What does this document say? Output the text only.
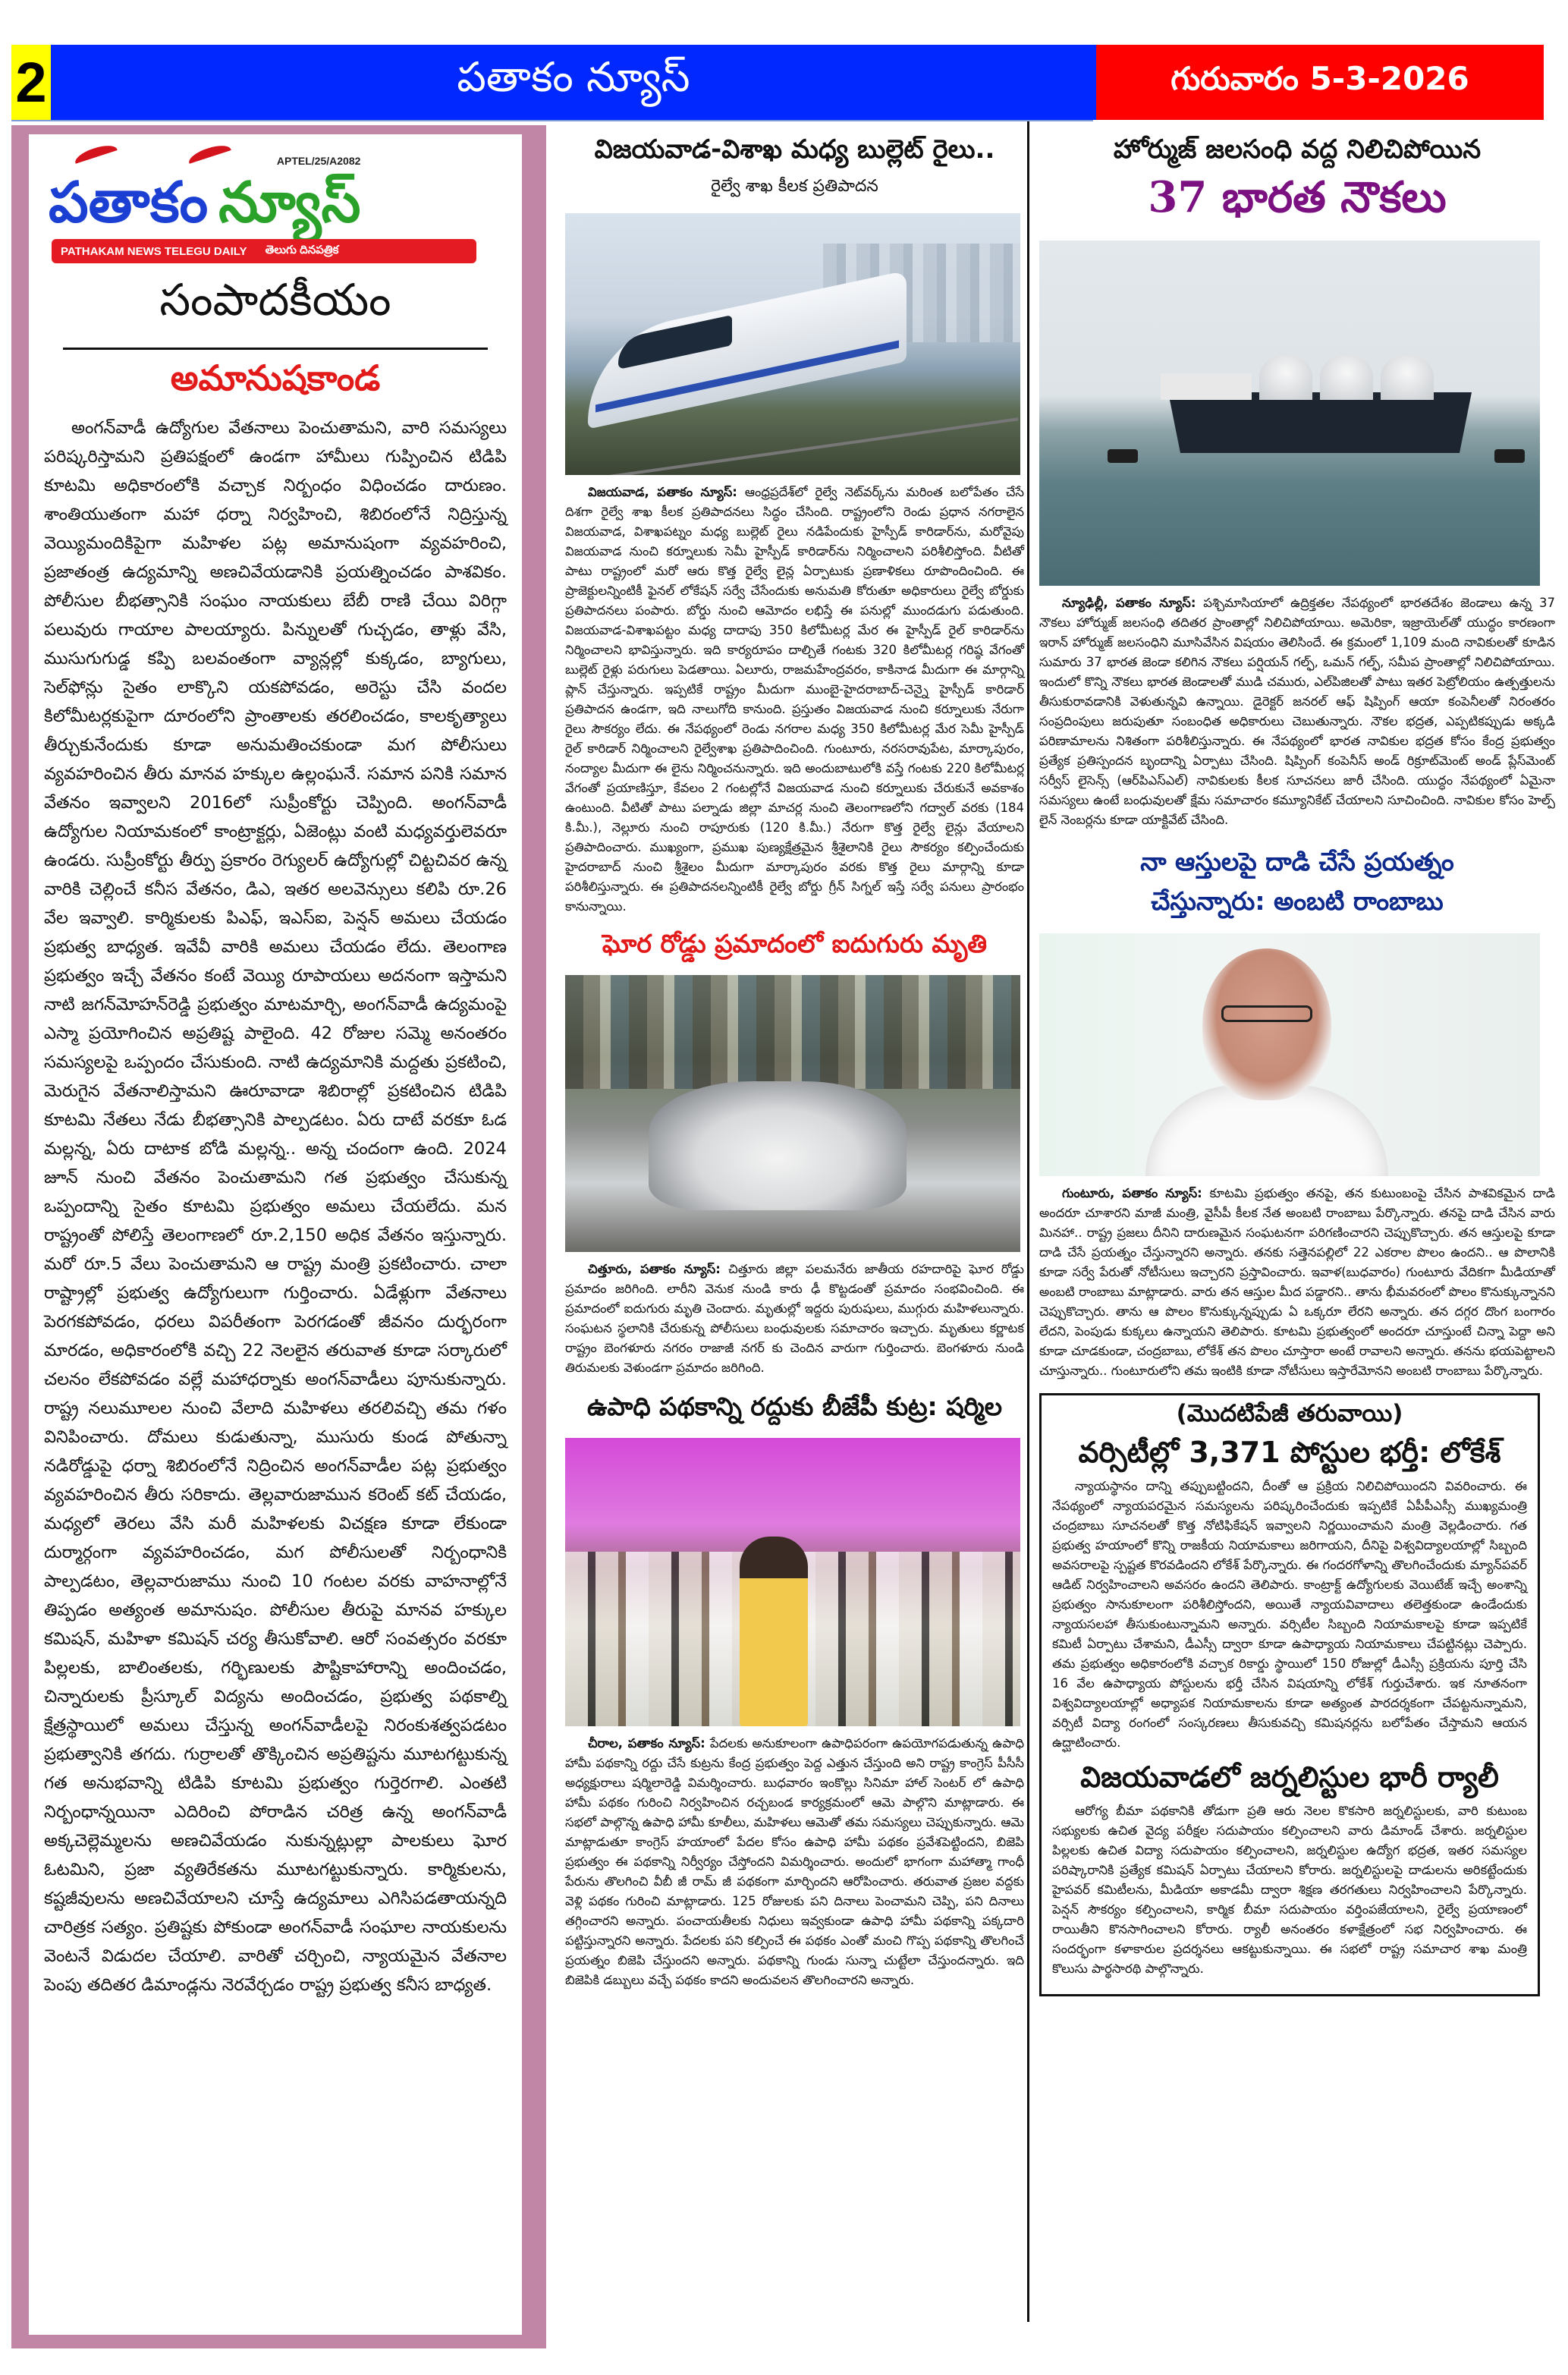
2	పతాకం న్యూస్	గురువారం 5-3-2026
పతాకం
APTEL/25/A2082
న్యూస్
PATHAKAM NEWS TELEGU DAILY తెలుగు దినపత్రిక
సంపాదకీయం
అమానుషకాండ

అంగన్‌వాడీ ఉద్యోగుల వేతనాలు పెంచుతామని, వారి సమస్యలు పరిష్కరిస్తామని ప్రతిపక్షంలో ఉండగా హామీలు గుప్పించిన టిడిపి కూటమి అధికారంలోకి వచ్చాక నిర్బంధం విధించడం దారుణం. శాంతియుతంగా మహా ధర్నా నిర్వహించి, శిబిరంలోనే నిద్రిస్తున్న వెయ్యిమందికిపైగా మహిళల పట్ల అమానుషంగా వ్యవహరించి, ప్రజాతంత్ర ఉద్యమాన్ని అణచివేయడానికి ప్రయత్నించడం పాశవికం. పోలీసుల బీభత్సానికి సంఘం నాయకులు బేబీ రాణి చేయి విరిగ్గా పలువురు గాయాల పాలయ్యారు. పిన్నులతో గుచ్చడం, తాళ్లు వేసి, ముసుగుగుడ్డ కప్పి బలవంతంగా వ్యాన్లల్లో కుక్కడం, బ్యాగులు, సెల్‌ఫోన్లు సైతం లాక్కొని యకపోవడం, అరెస్టు చేసి వందల కిలోమీటర్లకుపైగా దూరంలోని ప్రాంతాలకు తరలించడం, కాలకృత్యాలు తీర్చుకునేందుకు కూడా అనుమతించకుండా మగ పోలీసులు వ్యవహరించిన తీరు మానవ హక్కుల ఉల్లంఘనే. సమాన పనికి సమాన వేతనం ఇవ్వాలని 2016లో సుప్రీంకోర్టు చెప్పింది. అంగన్‌వాడీ ఉద్యోగుల నియామకంలో కాంట్రాక్టర్లు, ఏజెంట్లు వంటి మధ్యవర్తులెవరూ ఉండరు. సుప్రీంకోర్టు తీర్పు ప్రకారం రెగ్యులర్ ఉద్యోగుల్లో చిట్టచివర ఉన్న వారికి చెల్లించే కనీస వేతనం, డిఎ, ఇతర అలవెన్సులు కలిపి రూ.26 వేల ఇవ్వాలి. కార్మికులకు పిఎఫ్, ఇఎస్ఐ, పెన్షన్ అమలు చేయడం ప్రభుత్వ బాధ్యత. ఇవేవీ వారికి అమలు చేయడం లేదు. తెలంగాణ ప్రభుత్వం ఇచ్చే వేతనం కంటే వెయ్యి రూపాయలు అదనంగా ఇస్తామని నాటి జగన్‌మోహన్‌రెడ్డి ప్రభుత్వం మాటమార్చి, అంగన్‌వాడీ ఉద్యమంపై ఎస్మా ప్రయోగించిన అప్రతిష్ట పాలైంది. 42 రోజుల సమ్మె అనంతరం సమస్యలపై ఒప్పందం చేసుకుంది. నాటి ఉద్యమానికి మద్దతు ప్రకటించి, మెరుగైన వేతనాలిస్తామని ఊరూవాడా శిబిరాల్లో ప్రకటించిన టిడిపి కూటమి నేతలు నేడు బీభత్సానికి పాల్పడటం. ఏరు దాటే వరకూ ఓడ మల్లన్న, ఏరు దాటాక బోడి మల్లన్న.. అన్న చందంగా ఉంది. 2024 జూన్ నుంచి వేతనం పెంచుతామని గత ప్రభుత్వం చేసుకున్న ఒప్పందాన్ని సైతం కూటమి ప్రభుత్వం అమలు చేయలేదు. మన రాష్ట్రంతో పోలిస్తే తెలంగాణలో రూ.2,150 అధిక వేతనం ఇస్తున్నారు. మరో రూ.5 వేలు పెంచుతామని ఆ రాష్ట్ర మంత్రి ప్రకటించారు. చాలా రాష్ట్రాల్లో ప్రభుత్వ ఉద్యోగులుగా గుర్తించారు. ఏడేళ్లుగా వేతనాలు పెరగకపోవడం, ధరలు విపరీతంగా పెరగడంతో జీవనం దుర్భరంగా మారడం, అధికారంలోకి వచ్చి 22 నెలలైన తరువాత కూడా సర్కారులో చలనం లేకపోవడం వల్లే మహాధర్నాకు అంగన్‌వాడీలు పూనుకున్నారు. రాష్ట్ర నలుమూలల నుంచి వేలాది మహిళలు తరలివచ్చి తమ గళం వినిపించారు. దోమలు కుడుతున్నా, ముసురు కుండ పోతున్నా నడిరోడ్డుపై ధర్నా శిబిరంలోనే నిద్రించిన అంగన్‌వాడీల పట్ల ప్రభుత్వం వ్యవహరించిన తీరు సరికాదు. తెల్లవారుజామున కరెంట్ కట్ చేయడం, మధ్యలో తెరలు వేసి మరీ మహిళలకు విచక్షణ కూడా లేకుండా దుర్మార్గంగా వ్యవహరించడం, మగ పోలీసులతో నిర్బంధానికి పాల్పడటం, తెల్లవారుజాము నుంచి 10 గంటల వరకు వాహనాల్లోనే తిప్పడం అత్యంత అమానుషం. పోలీసుల తీరుపై మానవ హక్కుల కమిషన్, మహిళా కమిషన్ చర్య తీసుకోవాలి. ఆరో సంవత్సరం వరకూ పిల్లలకు, బాలింతలకు, గర్భిణులకు పౌష్టికాహారాన్ని అందించడం, చిన్నారులకు ప్రీస్కూల్ విద్యను అందించడం, ప్రభుత్వ పథకాల్ని క్షేత్రస్థాయిలో అమలు చేస్తున్న అంగన్‌వాడీలపై నిరంకుశత్వపడటం ప్రభుత్వానికి తగదు. గుర్రాలతో తొక్కించిన అప్రతిష్టను మూటగట్టుకున్న గత అనుభవాన్ని టిడిపి కూటమి ప్రభుత్వం గుర్తెరగాలి. ఎంతటి నిర్బంధాన్నయినా ఎదిరించి పోరాడిన చరిత్ర ఉన్న అంగన్‌వాడీ అక్కచెల్లెమ్మలను అణచివేయడం నుకున్నట్లుల్లా పాలకులు ఘోర ఓటమిని, ప్రజా వ్యతిరేకతను మూటగట్టుకున్నారు. కార్మికులను, కష్టజీవులను అణచివేయాలని చూస్తే ఉద్యమాలు ఎగిసిపడతాయన్నది చారిత్రక సత్యం. ప్రతిష్టకు పోకుండా అంగన్‌వాడీ సంఘాల నాయకులను వెంటనే విడుదల చేయాలి. వారితో చర్చించి, న్యాయమైన వేతనాల పెంపు తదితర డిమాండ్లను నెరవేర్చడం రాష్ట్ర ప్రభుత్వ కనీస బాధ్యత.

విజయవాడ-విశాఖ మధ్య బుల్లెట్ రైలు..
రైల్వే శాఖ కీలక ప్రతిపాదన

విజయవాడ, పతాకం న్యూస్: ఆంధ్రప్రదేశ్‌లో రైల్వే నెట్‌వర్క్‌ను మరింత బలోపేతం చేసే దిశగా రైల్వే శాఖ కీలక ప్రతిపాదనలు సిద్ధం చేసింది. రాష్ట్రంలోని రెండు ప్రధాన నగరాలైన విజయవాడ, విశాఖపట్నం మధ్య బుల్లెట్ రైలు నడిపేందుకు హైస్పీడ్ కారిడార్‌ను, మరోవైపు విజయవాడ నుంచి కర్నూలుకు సెమీ హైస్పీడ్ కారిడార్‌ను నిర్మించాలని పరిశీలిస్తోంది. వీటితో పాటు రాష్ట్రంలో మరో ఆరు కొత్త రైల్వే లైన్ల ఏర్పాటుకు ప్రణాళికలు రూపొందించింది. ఈ ప్రాజెక్టులన్నింటికీ ఫైనల్ లోకేషన్ సర్వే చేసేందుకు అనుమతి కోరుతూ అధికారులు రైల్వే బోర్డుకు ప్రతిపాదనలు పంపారు. బోర్డు నుంచి ఆమోదం లభిస్తే ఈ పనుల్లో ముందడుగు పడుతుంది. విజయవాడ-విశాఖపట్టం మధ్య దాదాపు 350 కిలోమీటర్ల మేర ఈ హైస్పీడ్ రైల్ కారిడార్‌ను నిర్మించాలని భావిస్తున్నారు. ఇది కార్యరూపం దాల్చితే గంటకు 320 కిలోమీటర్ల గరిష్ఠ వేగంతో బుల్లెట్ రైళ్లు పరుగులు పెడతాయి. ఏలూరు, రాజమహేంద్రవరం, కాకినాడ మీదుగా ఈ మార్గాన్ని ప్లాన్ చేస్తున్నారు. ఇప్పటికే రాష్ట్రం మీదుగా ముంబై-హైదరాబాద్-చెన్నై హైస్పీడ్ కారిడార్‌ ప్రతిపాదన ఉండగా, ఇది నాలుగోది కానుంది. ప్రస్తుతం విజయవాడ నుంచి కర్నూలుకు నేరుగా రైలు సౌకర్యం లేదు. ఈ నేపథ్యంలో రెండు నగరాల మధ్య 350 కిలోమీటర్ల మేర సెమీ హైస్పీడ్ రైల్ కారిడార్ నిర్మించాలని రైల్వేశాఖ ప్రతిపాదించింది. గుంటూరు, నరసరావుపేట, మార్కాపురం, నంద్యాల మీదుగా ఈ లైను నిర్మించనున్నారు. ఇది అందుబాటులోకి వస్తే గంటకు 220 కిలోమీటర్ల వేగంతో ప్రయాణిస్తూ, కేవలం 2 గంటల్లోనే విజయవాడ నుంచి కర్నూలుకు చేరుకునే అవకాశం ఉంటుంది. వీటితో పాటు పల్నాడు జిల్లా మాచర్ల నుంచి తెలంగాణలోని గద్వాల్ వరకు (184 కి.మీ.), నెల్లూరు నుంచి రాపూరుకు (120 కి.మీ.) నేరుగా కొత్త రైల్వే లైన్లు వేయాలని ప్రతిపాదించారు. ముఖ్యంగా, ప్రముఖ పుణ్యక్షేత్రమైన శ్రీశైలానికి రైలు సౌకర్యం కల్పించేందుకు హైదరాబాద్ నుంచి శ్రీశైలం మీదుగా మార్కాపురం వరకు కొత్త రైలు మార్గాన్ని కూడా పరిశీలిస్తున్నారు. ఈ ప్రతిపాదనలన్నింటికీ రైల్వే బోర్డు గ్రీన్ సిగ్నల్ ఇస్తే సర్వే పనులు ప్రారంభం కానున్నాయి.

ఘోర రోడ్డు ప్రమాదంలో ఐదుగురు మృతి

చిత్తూరు, పతాకం న్యూస్: చిత్తూరు జిల్లా పలమనేరు జాతీయ రహదారిపై ఘోర రోడ్డు ప్రమాదం జరిగింది. లారీని వెనుక నుండి కారు ఢీ కొట్టడంతో ప్రమాదం సంభవించింది. ఈ ప్రమాదంలో ఐదుగురు మృతి చెందారు. మృతుల్లో ఇద్దరు పురుషులు, ముగ్గురు మహిళలున్నారు. సంఘటన స్థలానికి చేరుకున్న పోలీసులు బంధువులకు సమాచారం ఇచ్చారు. మృతులు కర్ణాటక రాష్ట్రం బెంగళూరు నగరం రాజాజీ నగర్ కు చెందిన వారుగా గుర్తించారు. బెంగళూరు నుండి తిరుమలకు వెళుండగా ప్రమాదం జరిగింది.

ఉపాధి పథకాన్ని రద్దుకు బీజేపీ కుట్ర: షర్మిల

చీరాల, పతాకం న్యూస్: పేదలకు అనుకూలంగా ఉపాధిపరంగా ఉపయోగపడుతున్న ఉపాధి హామీ పథకాన్ని రద్దు చేసే కుట్రను కేంద్ర ప్రభుత్వం పెద్ద ఎత్తున చేస్తుంది అని రాష్ట్ర కాంగ్రెస్ పీసీసీ అధ్యక్షురాలు షర్మిలారెడ్డి విమర్శించారు. బుధవారం ఇంకొల్లు సినిమా హాల్ సెంటర్ లో ఉపాధి హామీ పథకం గురించి నిర్వహించిన రచ్చబండ కార్యక్రమంలో ఆమె పాల్గొని మాట్లాడారు. ఈ సభలో పాల్గొన్న ఉపాధి హామీ కూలీలు, మహిళలు ఆమెతో తమ సమస్యలు చెప్పుకున్నారు. ఆమె మాట్లాడుతూ కాంగ్రెస్ హయాంలో పేదల కోసం ఉపాధి హామీ పథకం ప్రవేశపెట్టిందని, బిజెపి ప్రభుత్వం ఈ పథకాన్ని నిర్వీర్యం చేస్తోందని విమర్శించారు. అందులో భాగంగా మహాత్మా గాంధీ పేరును తొలగించి వీబీ జీ రామ్ జీ పథకంగా మార్చిందని ఆరోపించారు. తరువాత ప్రజల వద్దకు వెళ్లి పథకం గురించి మాట్లాడారు. 125 రోజులకు పని దినాలు పెంచామని చెప్పి, పని దినాలు తగ్గించారని అన్నారు. పంచాయతీలకు నిధులు ఇవ్వకుండా ఉపాధి హామీ పథకాన్ని పక్కదారి పట్టిస్తున్నారని అన్నారు. పేదలకు పని కల్పించే ఈ పథకం ఎంతో మంచి గొప్ప పథకాన్ని తొలగించే ప్రయత్నం బిజెపి చేస్తుందని అన్నారు. పథకాన్ని గుండు సున్నా చుట్టేలా చేస్తుందన్నారు. ఇది బిజెపికి డబ్బులు వచ్చే పథకం కాదని అందువలన తొలగించారని అన్నారు.

హోర్ముజ్ జలసంధి వద్ద నిలిచిపోయిన
37 భారత నౌకలు

న్యూఢిల్లీ, పతాకం న్యూస్: పశ్చిమాసియాలో ఉద్రిక్తతల నేపథ్యంలో భారతదేశం జెండాలు ఉన్న 37 నౌకలు హోర్ముజ్ జలసంధి తదితర ప్రాంతాల్లో నిలిచిపోయాయి. అమెరికా, ఇజ్రాయెల్‌తో యుద్ధం కారణంగా ఇరాన్ హోర్ముజ్ జలసంధిని మూసివేసిన విషయం తెలిసిందే. ఈ క్రమంలో 1,109 మంది నావికులతో కూడిన సుమారు 37 భారత జెండా కలిగిన నౌకలు పర్షియన్ గల్ఫ్, ఒమన్ గల్ఫ్, సమీప ప్రాంతాల్లో నిలిచిపోయాయి. ఇందులో కొన్ని నౌకలు భారత జెండాలతో ముడి చమురు, ఎల్‌పిజిలతో పాటు ఇతర పెట్రోలియం ఉత్పత్తులను తీసుకురావడానికి వెళుతున్నవి ఉన్నాయి. డైరెక్టర్ జనరల్ ఆఫ్ షిప్పింగ్ ఆయా కంపెనీలతో నిరంతరం సంప్రదింపులు జరుపుతూ సంబంధిత అధికారులు చెబుతున్నారు. నౌకల భద్రత, ఎప్పటికప్పుడు అక్కడి పరిణామాలను నిశితంగా పరిశీలిస్తున్నారు. ఈ నేపథ్యంలో భారత నావికుల భద్రత కోసం కేంద్ర ప్రభుత్వం ప్రత్యేక ప్రతిస్పందన బృందాన్ని ఏర్పాటు చేసింది. షిప్పింగ్ కంపెనీస్ అండ్ రిక్రూట్‌మెంట్ అండ్ ప్లేస్‌మెంట్ సర్వీస్ లైసెన్స్ (ఆర్‌పిఎస్‌ఎల్) నావికులకు కీలక సూచనలు జారీ చేసింది. యుద్ధం నేపథ్యంలో ఏమైనా సమస్యలు ఉంటే బంధువులతో క్షేమ సమాచారం కమ్యూనికేట్ చేయాలని సూచించింది. నావికుల కోసం హెల్ప్ లైన్ నెంబర్లను కూడా యాక్టివేట్ చేసింది.

నా ఆస్తులపై దాడి చేసే ప్రయత్నం
చేస్తున్నారు: అంబటి రాంబాబు

గుంటూరు, పతాకం న్యూస్: కూటమి ప్రభుత్వం తనపై, తన కుటుంబంపై చేసిన పాశవికమైన దాడి అందరూ చూశారని మాజీ మంత్రి, వైసీపీ కీలక నేత అంబటి రాంబాబు పేర్కొన్నారు. తనపై దాడి చేసిన వారు మినహా.. రాష్ట్ర ప్రజలు దీనిని దారుణమైన సంఘటనగా పరిగణించారని చెప్పుకొచ్చారు. తన ఆస్తులపై కూడా దాడి చేసే ప్రయత్నం చేస్తున్నారని అన్నారు. తనకు సత్తెనపల్లిలో 22 ఎకరాల పొలం ఉందని.. ఆ పొలానికి కూడా సర్వే పేరుతో నోటీసులు ఇచ్చారని ప్రస్తావించారు. ఇవాళ(బుధవారం) గుంటూరు వేదికగా మీడియాతో అంబటి రాంబాబు మాట్లాడారు. వారు తన ఆస్తుల మీద పడ్డారని.. తాను భీమవరంలో పొలం కొనుక్కున్నానని చెప్పుకొచ్చారు. తాను ఆ పొలం కొనుక్కున్నప్పుడు ఏ ఒక్కరూ లేరని అన్నారు. తన దగ్గర దొంగ బంగారం లేదని, పెంపుడు కుక్కలు ఉన్నాయని తెలిపారు. కూటమి ప్రభుత్వంలో అందరూ చూస్తుంటే చిన్నా పెద్దా అని కూడా చూడకుండా, చంద్రబాబు, లోకేశ్ తన పొలం చూస్తారా అంటే రావాలని అన్నారు. తనను భయపెట్టాలని చూస్తున్నారు.. గుంటూరులోని తమ ఇంటికి కూడా నోటీసులు ఇస్తారేమోనని అంబటి రాంబాబు పేర్కొన్నారు.

(మొదటిపేజీ తరువాయి)
వర్సిటీల్లో 3,371 పోస్టుల భర్తీ: లోకేశ్

న్యాయస్థానం దాన్ని తప్పుబట్టిందని, దీంతో ఆ ప్రక్రియ నిలిచిపోయిందని వివరించారు. ఈ నేపథ్యంలో న్యాయపరమైన సమస్యలను పరిష్కరించేందుకు ఇప్పటికే ఏపీపీఎస్సీ ముఖ్యమంత్రి చంద్రబాబు సూచనలతో కొత్త నోటిఫికేషన్ ఇవ్వాలని నిర్ణయించామని మంత్రి వెల్లడించారు. గత ప్రభుత్వ హయాంలో కొన్ని రాజకీయ నియామకాలు జరిగాయని, దీనిపై విశ్వవిద్యాలయాల్లో సిబ్బంది అవసరాలపై స్పష్టత కొరవడిందని లోకేశ్ పేర్కొన్నారు. ఈ గందరగోళాన్ని తొలగించేందుకు మ్యాన్‌పవర్ ఆడిట్ నిర్వహించాలని అవసరం ఉందని తెలిపారు. కాంట్రాక్ట్ ఉద్యోగులకు వెయిటేజ్ ఇచ్చే అంశాన్ని ప్రభుత్వం సానుకూలంగా పరిశీలిస్తోందని, అయితే న్యాయవివాదాలు తలెత్తకుండా ఉండేందుకు న్యాయసలహా తీసుకుంటున్నామని అన్నారు. వర్సిటీల సిబ్బంది నియామకాలపై కూడా ఇప్పటికే కమిటీ ఏర్పాటు చేశామని, డీఎస్సీ ద్వారా కూడా ఉపాధ్యాయ నియామకాలు చేపట్టినట్లు చెప్పారు. తమ ప్రభుత్వం అధికారంలోకి వచ్చాక రికార్డు స్థాయిలో 150 రోజుల్లో డీఎస్సీ ప్రక్రియను పూర్తి చేసి 16 వేల ఉపాధ్యాయ పోస్టులను భర్తీ చేసిన విషయాన్ని లోకేశ్ గుర్తుచేశారు. ఇక నూతనంగా విశ్వవిద్యాలయాల్లో అధ్యాపక నియామకాలను కూడా అత్యంత పారదర్శకంగా చేపట్టనున్నామని, వర్సిటీ విద్యా రంగంలో సంస్కరణలు తీసుకువచ్చి కమిషనర్లను బలోపేతం చేస్తామని ఆయన ఉద్ఘాటించారు.

విజయవాడలో జర్నలిస్టుల భారీ ర్యాలీ

ఆరోగ్య బీమా పథకానికి తోడుగా ప్రతి ఆరు నెలల కొకసారి జర్నలిస్టులకు, వారి కుటుంబ సభ్యులకు ఉచిత వైద్య పరీక్షల సదుపాయం కల్పించాలని వారు డిమాండ్ చేశారు. జర్నలిస్టుల పిల్లలకు ఉచిత విద్యా సదుపాయం కల్పించాలని, జర్నలిస్టుల ఉద్యోగ భద్రత, ఇతర సమస్యల పరిష్కారానికి ప్రత్యేక కమిషన్ ఏర్పాటు చేయాలని కోరారు. జర్నలిస్టులపై దాడులను అరికట్టేందుకు హైపవర్ కమిటీలను, మీడియా అకాడమీ ద్వారా శిక్షణ తరగతులు నిర్వహించాలని పేర్కొన్నారు. పెన్షన్ సౌకర్యం కల్పించాలని, కార్మిక బీమా సదుపాయం వర్తింపజేయాలని, రైల్వే ప్రయాణంలో రాయితీని కొనసాగించాలని కోరారు. ర్యాలీ అనంతరం కళాక్షేత్రంలో సభ నిర్వహించారు. ఈ సందర్భంగా కళాకారుల ప్రదర్శనలు ఆకట్టుకున్నాయి. ఈ సభలో రాష్ట్ర సమాచార శాఖ మంత్రి కొలుసు పార్థసారథి పాల్గొన్నారు.
